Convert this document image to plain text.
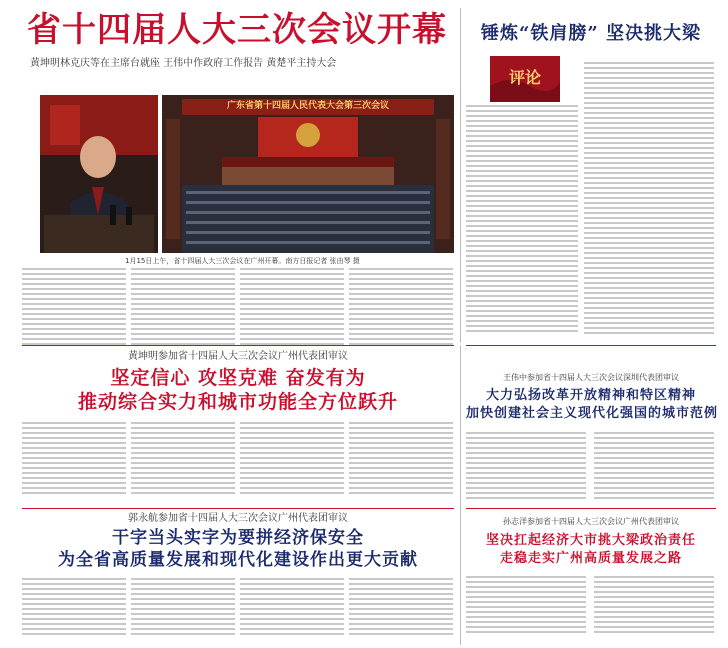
省十四届人大三次会议开幕
黄坤明林克庆等在主席台就座 王伟中作政府工作报告 黄楚平主持大会
广东省第十四届人民代表大会第三次会议
1月15日上午，省十四届人大三次会议在广州开幕。南方日报记者 张由琴 摄
锤炼“铁肩膀” 坚决挑大梁
评论
黄坤明参加省十四届人大三次会议广州代表团审议
坚定信心 攻坚克难 奋发有为
推动综合实力和城市功能全方位跃升
王伟中参加省十四届人大三次会议深圳代表团审议
大力弘扬改革开放精神和特区精神
加快创建社会主义现代化强国的城市范例
郭永航参加省十四届人大三次会议广州代表团审议
干字当头实字为要拼经济保安全
为全省高质量发展和现代化建设作出更大贡献
孙志洋参加省十四届人大三次会议广州代表团审议
坚决扛起经济大市挑大梁政治责任
走稳走实广州高质量发展之路
